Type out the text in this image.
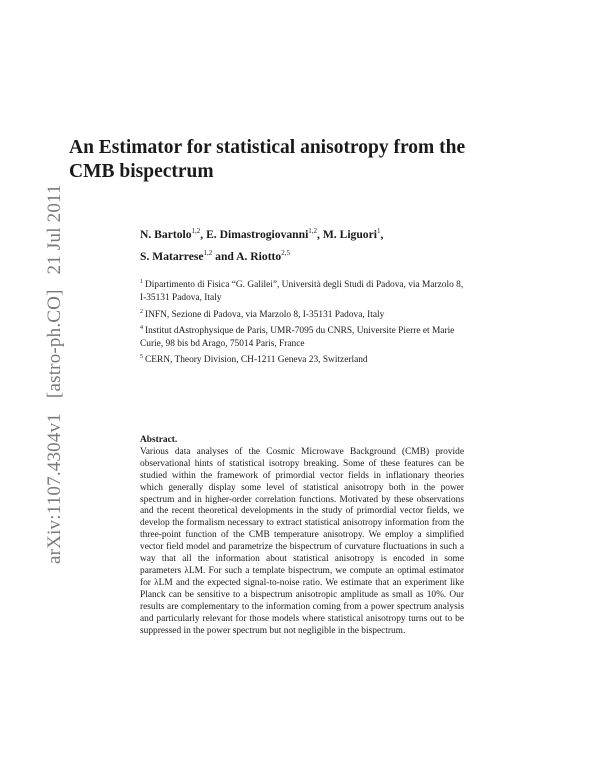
arXiv:1107.4304v1 [astro-ph.CO] 21 Jul 2011
An Estimator for statistical anisotropy from the CMB bispectrum
N. Bartolo$^{1,2}$, E. Dimastrogiovanni$^{1,2}$, M. Liguori$^1$,
S. Matarrese$^{1,2}$ and A. Riotto$^{2,5}$
$^1$ Dipartimento di Fisica “G. Galilei”, Università degli Studi di Padova, via Marzolo 8, I-35131 Padova, Italy
$^2$ INFN, Sezione di Padova, via Marzolo 8, I-35131 Padova, Italy
$^4$ Institut dAstrophysique de Paris, UMR-7095 du CNRS, Universite Pierre et Marie Curie, 98 bis bd Arago, 75014 Paris, France
$^5$ CERN, Theory Division, CH-1211 Geneva 23, Switzerland
Abstract.
Various data analyses of the Cosmic Microwave Background (CMB) provide observational hints of statistical isotropy breaking. Some of these features can be studied within the framework of primordial vector fields in inflationary theories which generally display some level of statistical anisotropy both in the power spectrum and in higher-order correlation functions. Motivated by these observations and the recent theoretical developments in the study of primordial vector fields, we develop the formalism necessary to extract statistical anisotropy information from the three-point function of the CMB temperature anisotropy. We employ a simplified vector field model and parametrize the bispectrum of curvature fluctuations in such a way that all the information about statistical anisotropy is encoded in some parameters λLM. For such a template bispectrum, we compute an optimal estimator for λLM and the expected signal-to-noise ratio. We estimate that an experiment like Planck can be sensitive to a bispectrum anisotropic amplitude as small as 10%. Our results are complementary to the information coming from a power spectrum analysis and particularly relevant for those models where statistical anisotropy turns out to be suppressed in the power spectrum but not negligible in the bispectrum.
